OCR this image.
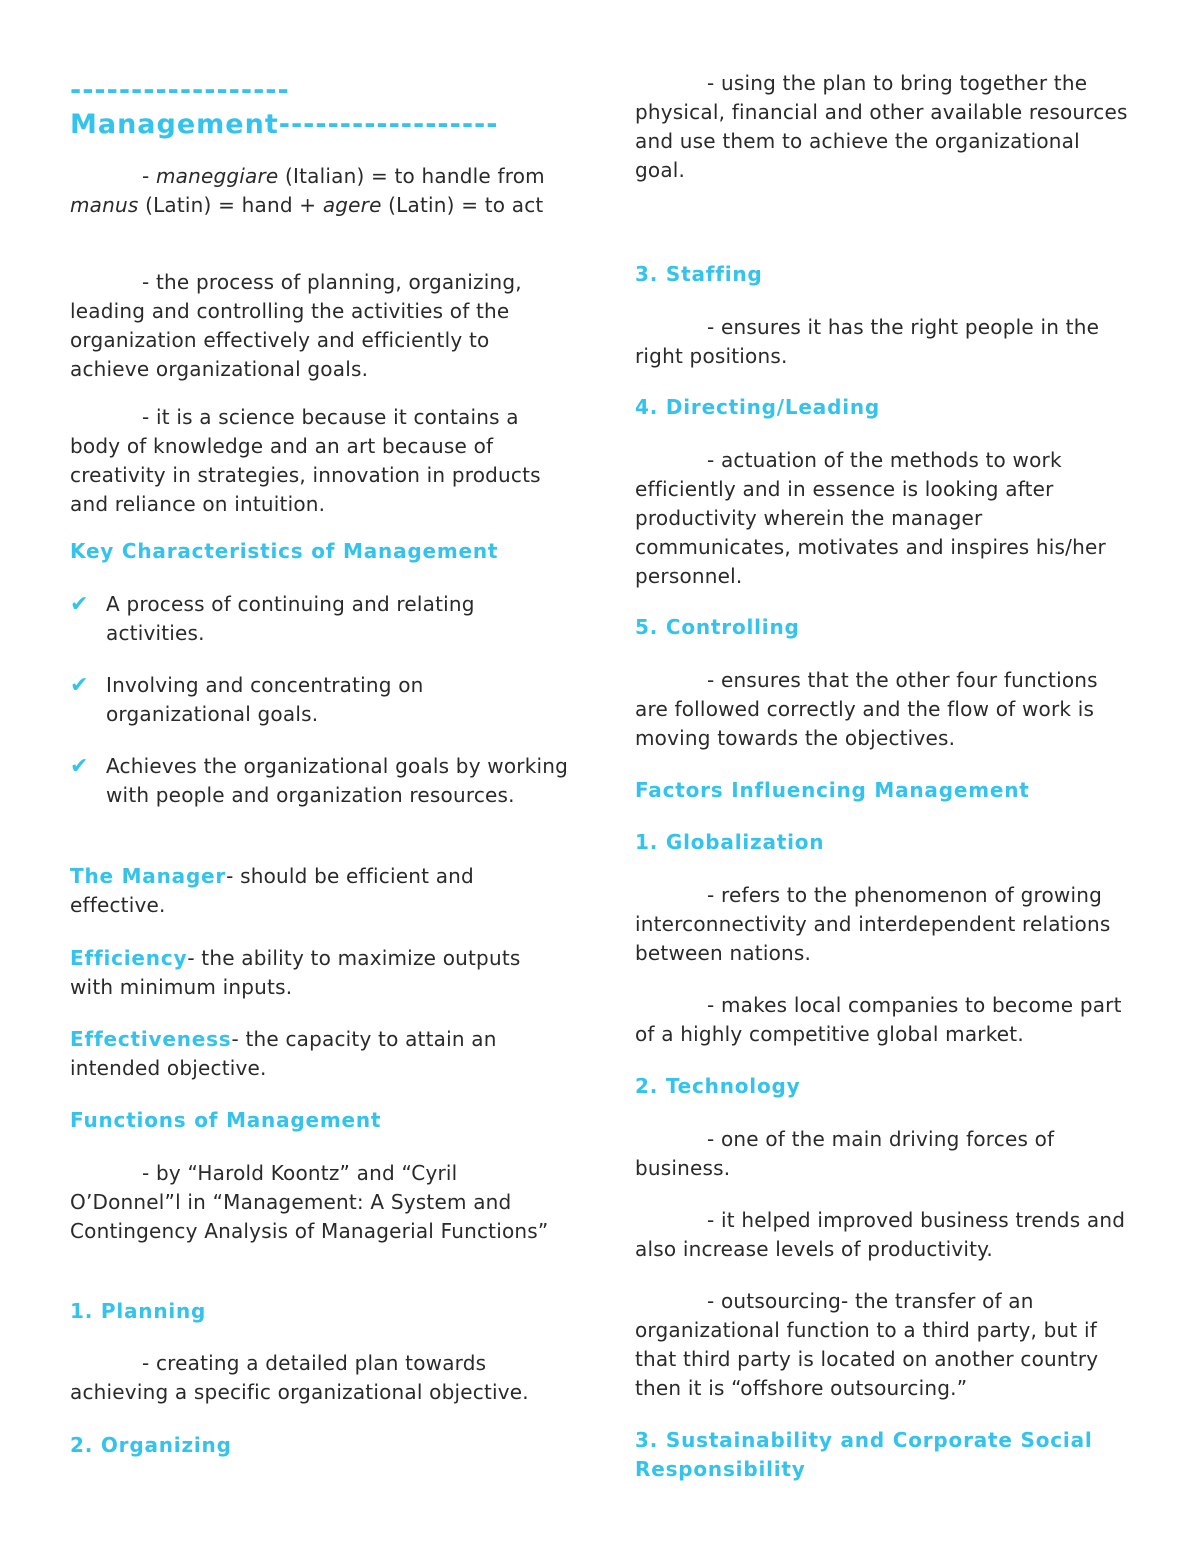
------------------
Management------------------

- maneggiare (Italian) = to handle from manus (Latin) = hand + agere (Latin) = to act

- the process of planning, organizing, leading and controlling the activities of the organization effectively and efficiently to achieve organizational goals.

- it is a science because it contains a body of knowledge and an art because of creativity in strategies, innovation in products and reliance on intuition.

Key Characteristics of Management

✔ A process of continuing and relating activities.

✔ Involving and concentrating on organizational goals.

✔ Achieves the organizational goals by working with people and organization resources.

The Manager- should be efficient and effective.

Efficiency- the ability to maximize outputs with minimum inputs.

Effectiveness- the capacity to attain an intended objective.

Functions of Management

- by “Harold Koontz” and “Cyril O’Donnel”l in “Management: A System and Contingency Analysis of Managerial Functions”

1. Planning

- creating a detailed plan towards achieving a specific organizational objective.

2. Organizing

- using the plan to bring together the physical, financial and other available resources and use them to achieve the organizational goal.

3. Staffing

- ensures it has the right people in the right positions.

4. Directing/Leading

- actuation of the methods to work efficiently and in essence is looking after productivity wherein the manager communicates, motivates and inspires his/her personnel.

5. Controlling

- ensures that the other four functions are followed correctly and the flow of work is moving towards the objectives.

Factors Influencing Management

1. Globalization

- refers to the phenomenon of growing interconnectivity and interdependent relations between nations.

- makes local companies to become part of a highly competitive global market.

2. Technology

- one of the main driving forces of business.

- it helped improved business trends and also increase levels of productivity.

- outsourcing- the transfer of an organizational function to a third party, but if that third party is located on another country then it is “offshore outsourcing.”

3. Sustainability and Corporate Social Responsibility
